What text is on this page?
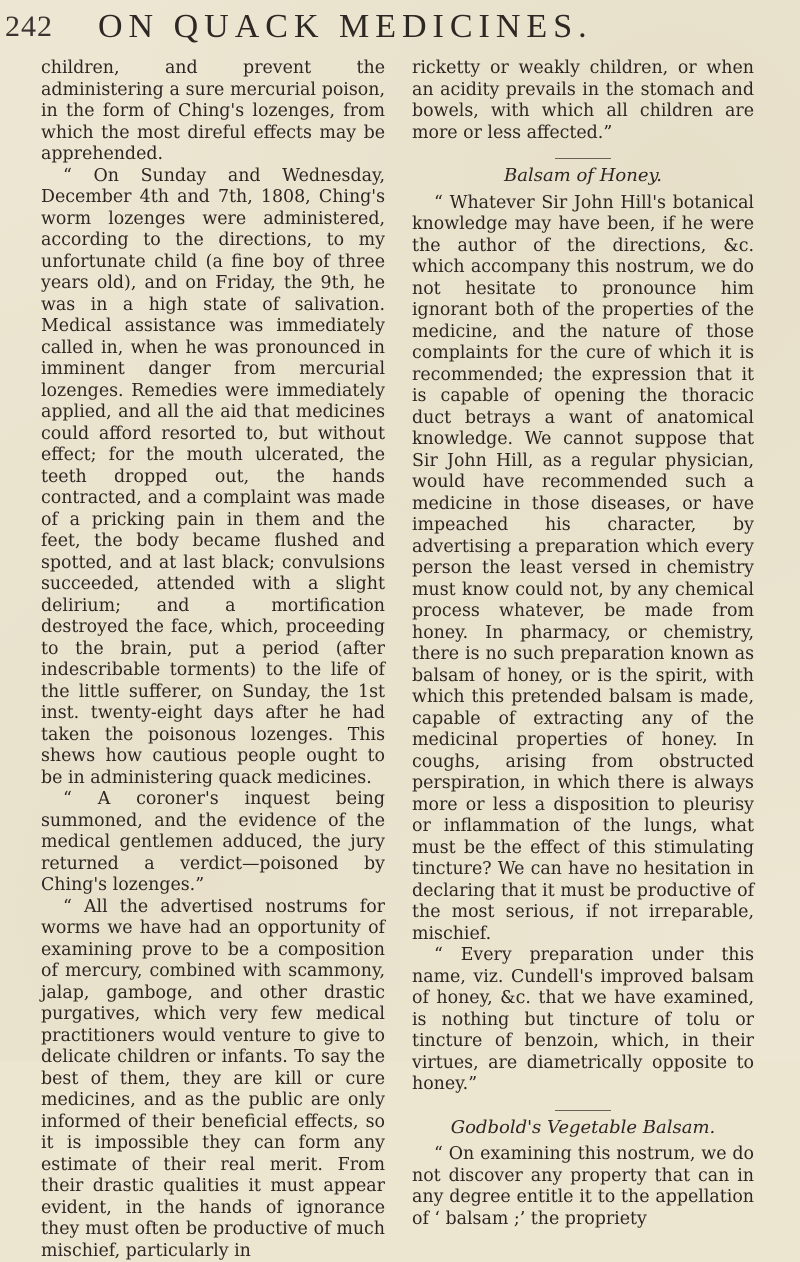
242 ON QUACK MEDICINES.

children, and prevent the administering a sure mercurial poison, in the form of Ching's lozenges, from which the most direful effects may be apprehended.

“ On Sunday and Wednesday, December 4th and 7th, 1808, Ching's worm lozenges were administered, according to the directions, to my unfortunate child (a fine boy of three years old), and on Friday, the 9th, he was in a high state of salivation. Medical assistance was immediately called in, when he was pronounced in imminent danger from mercurial lozenges. Remedies were immediately applied, and all the aid that medicines could afford resorted to, but without effect; for the mouth ulcerated, the teeth dropped out, the hands contracted, and a complaint was made of a pricking pain in them and the feet, the body became flushed and spotted, and at last black; convulsions succeeded, attended with a slight delirium; and a mortification destroyed the face, which, proceeding to the brain, put a period (after indescribable torments) to the life of the little sufferer, on Sunday, the 1st inst. twenty-eight days after he had taken the poisonous lozenges. This shews how cautious people ought to be in administering quack medicines.

“ A coroner's inquest being summoned, and the evidence of the medical gentlemen adduced, the jury returned a verdict—poisoned by Ching's lozenges.”

“ All the advertised nostrums for worms we have had an opportunity of examining prove to be a composition of mercury, combined with scammony, jalap, gamboge, and other drastic purgatives, which very few medical practitioners would venture to give to delicate children or infants. To say the best of them, they are kill or cure medicines, and as the public are only informed of their beneficial effects, so it is impossible they can form any estimate of their real merit. From their drastic qualities it must appear evident, in the hands of ignorance they must often be productive of much mischief, particularly in

ricketty or weakly children, or when an acidity prevails in the stomach and bowels, with which all children are more or less affected.”

Balsam of Honey.

“ Whatever Sir John Hill's botanical knowledge may have been, if he were the author of the directions, &c. which accompany this nostrum, we do not hesitate to pronounce him ignorant both of the properties of the medicine, and the nature of those complaints for the cure of which it is recommended; the expression that it is capable of opening the thoracic duct betrays a want of anatomical knowledge. We cannot suppose that Sir John Hill, as a regular physician, would have recommended such a medicine in those diseases, or have impeached his character, by advertising a preparation which every person the least versed in chemistry must know could not, by any chemical process whatever, be made from honey. In pharmacy, or chemistry, there is no such preparation known as balsam of honey, or is the spirit, with which this pretended balsam is made, capable of extracting any of the medicinal properties of honey. In coughs, arising from obstructed perspiration, in which there is always more or less a disposition to pleurisy or inflammation of the lungs, what must be the effect of this stimulating tincture? We can have no hesitation in declaring that it must be productive of the most serious, if not irreparable, mischief.

“ Every preparation under this name, viz. Cundell's improved balsam of honey, &c. that we have examined, is nothing but tincture of tolu or tincture of benzoin, which, in their virtues, are diametrically opposite to honey.”

Godbold's Vegetable Balsam.

“ On examining this nostrum, we do not discover any property that can in any degree entitle it to the appellation of ‘ balsam ;’ the propriety
